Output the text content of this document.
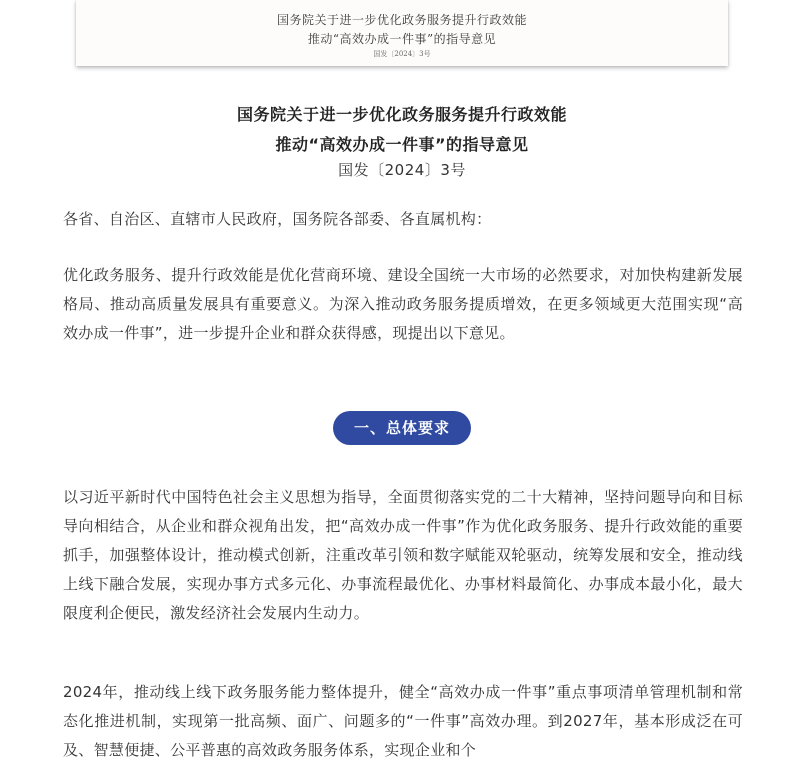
国务院关于进一步优化政务服务提升行政效能
推动“高效办成一件事”的指导意见
国发〔2024〕3号
国务院关于进一步优化政务服务提升行政效能
推动“高效办成一件事”的指导意见
国发〔2024〕3号
各省、自治区、直辖市人民政府，国务院各部委、各直属机构：
优化政务服务、提升行政效能是优化营商环境、建设全国统一大市场的必然要求，对加快构建新发展格局、推动高质量发展具有重要意义。为深入推动政务服务提质增效，在更多领域更大范围实现“高效办成一件事”，进一步提升企业和群众获得感，现提出以下意见。
一、总体要求
以习近平新时代中国特色社会主义思想为指导，全面贯彻落实党的二十大精神，坚持问题导向和目标导向相结合，从企业和群众视角出发，把“高效办成一件事”作为优化政务服务、提升行政效能的重要抓手，加强整体设计，推动模式创新，注重改革引领和数字赋能双轮驱动，统筹发展和安全，推动线上线下融合发展，实现办事方式多元化、办事流程最优化、办事材料最简化、办事成本最小化，最大限度利企便民，激发经济社会发展内生动力。
2024年，推动线上线下政务服务能力整体提升，健全“高效办成一件事”重点事项清单管理机制和常态化推进机制，实现第一批高频、面广、问题多的“一件事”高效办理。到2027年，基本形成泛在可及、智慧便捷、公平普惠的高效政务服务体系，实现企业和个
